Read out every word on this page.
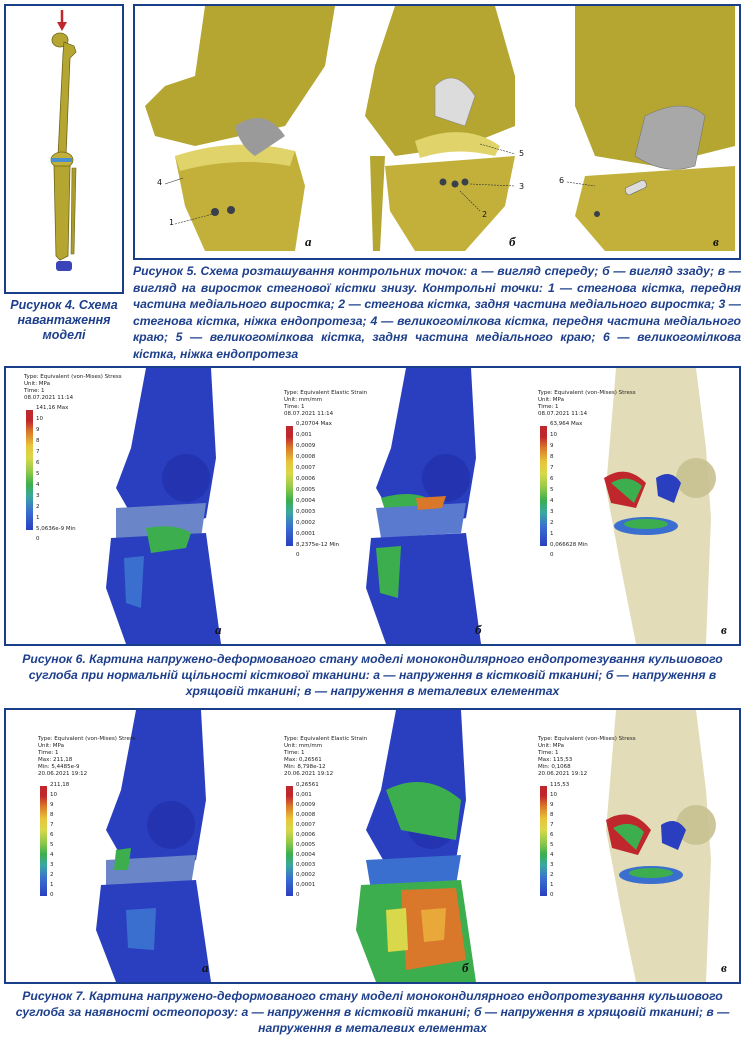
Рисунок 4. Схема навантаження моделі
4
1
5
3
2
6
а	б	в
Рисунок 5. Схема розташування контрольних точок: а — вигляд спереду; б — вигляд ззаду; в — вигляд на виросток стегнової кістки знизу. Контрольні точки: 1 — стегнова кістка, передня частина медіального виростка; 2 — стегнова кістка, задня частина медіального виростка; 3 — стегнова кістка, ніжка ендопротеза; 4 — великогомілкова кістка, передня частина медіального краю; 5 — великогомілкова кістка, задня частина медіального краю; 6 — великогомілкова кістка, ніжка ендопротеза
Type: Equivalent (von-Mises) Stress
Unit: MPa
Time: 1
08.07.2021 11:14
141,16 Max
10
9
8
7
6
5
4
3
2
1
5,0636e-9 Min
0
Type: Equivalent Elastic Strain
Unit: mm/mm
Time: 1
08.07.2021 11:14
0,20704 Max
0,001
0,0009
0,0008
0,0007
0,0006
0,0005
0,0004
0,0003
0,0002
0,0001
8,2375e-12 Min
0
Type: Equivalent (von-Mises) Stress
Unit: MPa
Time: 1
08.07.2021 11:14
63,964 Max
10
9
8
7
6
5
4
3
2
1
0,066628 Min
0
а	б	в
Рисунок 6. Картина напружено-деформованого стану моделі монокондилярного ендопротезування кульшового суглоба при нормальній щільності кісткової тканини: а — напруження в кістковій тканині; б — напруження в хрящовій тканині; в — напруження в металевих елементах
Type: Equivalent (von-Mises) Stress
Unit: MPa
Time: 1
Max: 211,18
Min: 5,4485e-9
20.06.2021 19:12
211,18
10
9
8
7
6
5
4
3
2
1
0
Type: Equivalent Elastic Strain
Unit: mm/mm
Time: 1
Max: 0,26561
Min: 8,798e-12
20.06.2021 19:12
0,26561
0,001
0,0009
0,0008
0,0007
0,0006
0,0005
0,0004
0,0003
0,0002
0,0001
0
Type: Equivalent (von-Mises) Stress
Unit: MPa
Time: 1
Max: 115,53
Min: 0,1068
20.06.2021 19:12
115,53
10
9
8
7
6
5
4
3
2
1
0
а	б	в
Рисунок 7. Картина напружено-деформованого стану моделі монокондилярного ендопротезування кульшового суглоба за наявності остеопорозу: а — напруження в кістковій тканині; б — напруження в хрящовій тканині; в — напруження в металевих елементах
